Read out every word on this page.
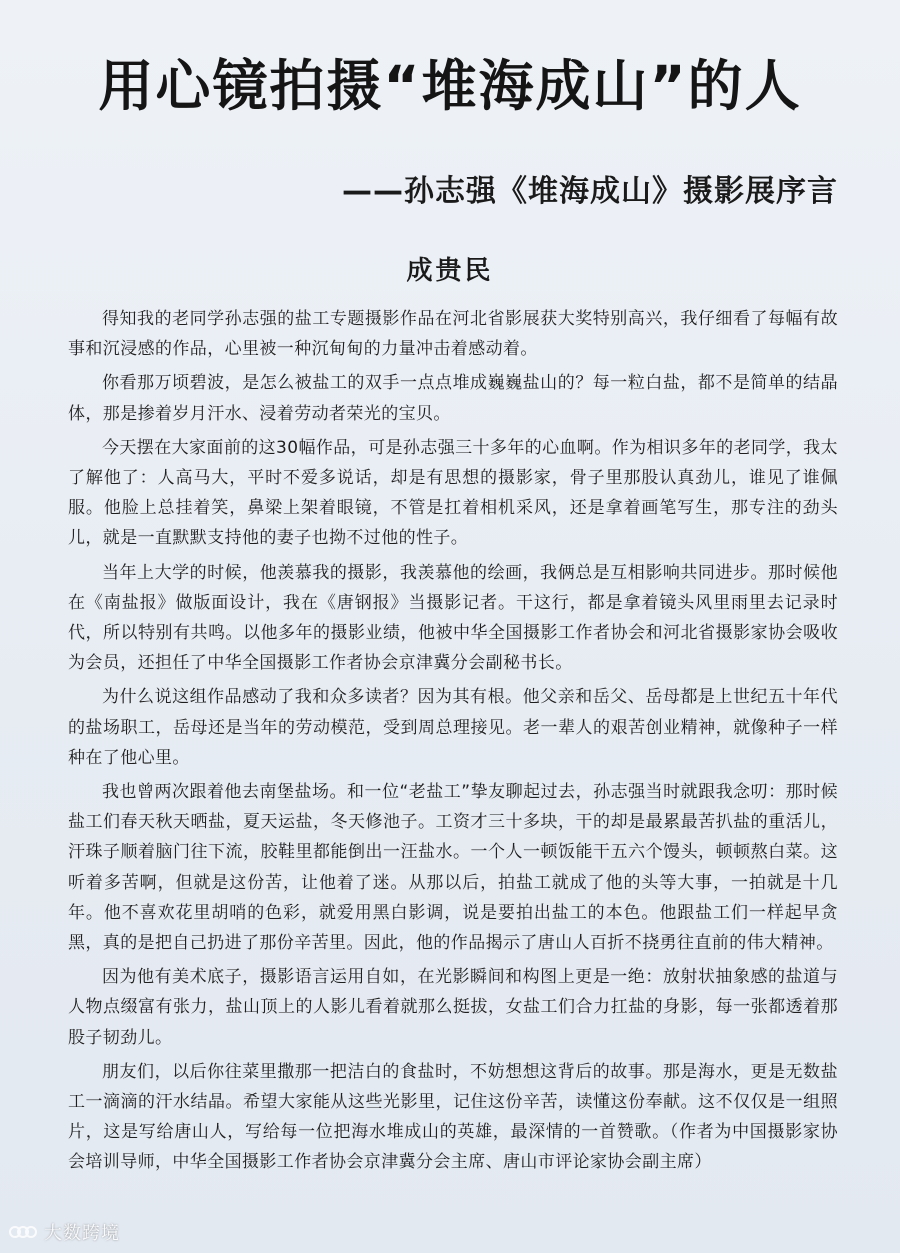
用心镜拍摄“堆海成山”的人
——孙志强《堆海成山》摄影展序言
成贵民

得知我的老同学孙志强的盐工专题摄影作品在河北省影展获大奖特别高兴，我仔细看了每幅有故事和沉浸感的作品，心里被一种沉甸甸的力量冲击着感动着。

你看那万顷碧波，是怎么被盐工的双手一点点堆成巍巍盐山的？每一粒白盐，都不是简单的结晶体，那是掺着岁月汗水、浸着劳动者荣光的宝贝。

今天摆在大家面前的这30幅作品，可是孙志强三十多年的心血啊。作为相识多年的老同学，我太了解他了：人高马大，平时不爱多说话，却是有思想的摄影家，骨子里那股认真劲儿，谁见了谁佩服。他脸上总挂着笑，鼻梁上架着眼镜，不管是扛着相机采风，还是拿着画笔写生，那专注的劲头儿，就是一直默默支持他的妻子也拗不过他的性子。

当年上大学的时候，他羡慕我的摄影，我羡慕他的绘画，我俩总是互相影响共同进步。那时候他在《南盐报》做版面设计，我在《唐钢报》当摄影记者。干这行，都是拿着镜头风里雨里去记录时代，所以特别有共鸣。以他多年的摄影业绩，他被中华全国摄影工作者协会和河北省摄影家协会吸收为会员，还担任了中华全国摄影工作者协会京津冀分会副秘书长。

为什么说这组作品感动了我和众多读者？因为其有根。他父亲和岳父、岳母都是上世纪五十年代的盐场职工，岳母还是当年的劳动模范，受到周总理接见。老一辈人的艰苦创业精神，就像种子一样种在了他心里。

我也曾两次跟着他去南堡盐场。和一位“老盐工”挚友聊起过去，孙志强当时就跟我念叨：那时候盐工们春天秋天晒盐，夏天运盐，冬天修池子。工资才三十多块，干的却是最累最苦扒盐的重活儿，汗珠子顺着脑门往下流，胶鞋里都能倒出一汪盐水。一个人一顿饭能干五六个馒头，顿顿熬白菜。这听着多苦啊，但就是这份苦，让他着了迷。从那以后，拍盐工就成了他的头等大事，一拍就是十几年。他不喜欢花里胡哨的色彩，就爱用黑白影调，说是要拍出盐工的本色。他跟盐工们一样起早贪黑，真的是把自己扔进了那份辛苦里。因此，他的作品揭示了唐山人百折不挠勇往直前的伟大精神。

因为他有美术底子，摄影语言运用自如，在光影瞬间和构图上更是一绝：放射状抽象感的盐道与人物点缀富有张力，盐山顶上的人影儿看着就那么挺拔，女盐工们合力扛盐的身影，每一张都透着那股子韧劲儿。

朋友们，以后你往菜里撒那一把洁白的食盐时，不妨想想这背后的故事。那是海水，更是无数盐工一滴滴的汗水结晶。希望大家能从这些光影里，记住这份辛苦，读懂这份奉献。这不仅仅是一组照片，这是写给唐山人，写给每一位把海水堆成山的英雄，最深情的一首赞歌。（作者为中国摄影家协会培训导师，中华全国摄影工作者协会京津冀分会主席、唐山市评论家协会副主席）

大数跨境
